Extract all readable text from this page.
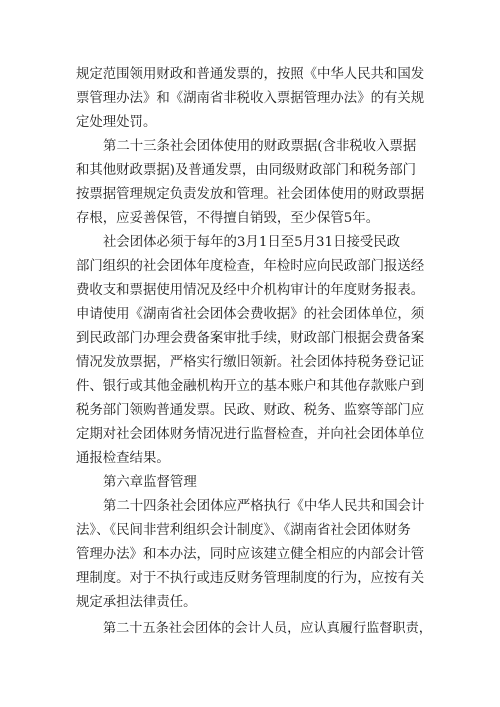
规定范围领用财政和普通发票的，按照《中华人民共和国发
票管理办法》和《湖南省非税收入票据管理办法》的有关规
定处理处罚。
第二十三条社会团体使用的财政票据(含非税收入票据
和其他财政票据)及普通发票，由同级财政部门和税务部门
按票据管理规定负责发放和管理。社会团体使用的财政票据
存根，应妥善保管，不得擅自销毁，至少保管5年。
社会团体必须于每年的3月1日至5月31日接受民政
部门组织的社会团体年度检查，年检时应向民政部门报送经
费收支和票据使用情况及经中介机构审计的年度财务报表。
申请使用《湖南省社会团体会费收据》的社会团体单位，须
到民政部门办理会费备案审批手续，财政部门根据会费备案
情况发放票据，严格实行缴旧领新。社会团体持税务登记证
件、银行或其他金融机构开立的基本账户和其他存款账户到
税务部门领购普通发票。民政、财政、税务、监察等部门应
定期对社会团体财务情况进行监督检查，并向社会团体单位
通报检查结果。
第六章监督管理
第二十四条社会团体应严格执行《中华人民共和国会计
法》、《民间非营利组织会计制度》、《湖南省社会团体财务
管理办法》和本办法，同时应该建立健全相应的内部会计管
理制度。对于不执行或违反财务管理制度的行为，应按有关
规定承担法律责任。
第二十五条社会团体的会计人员，应认真履行监督职责，
